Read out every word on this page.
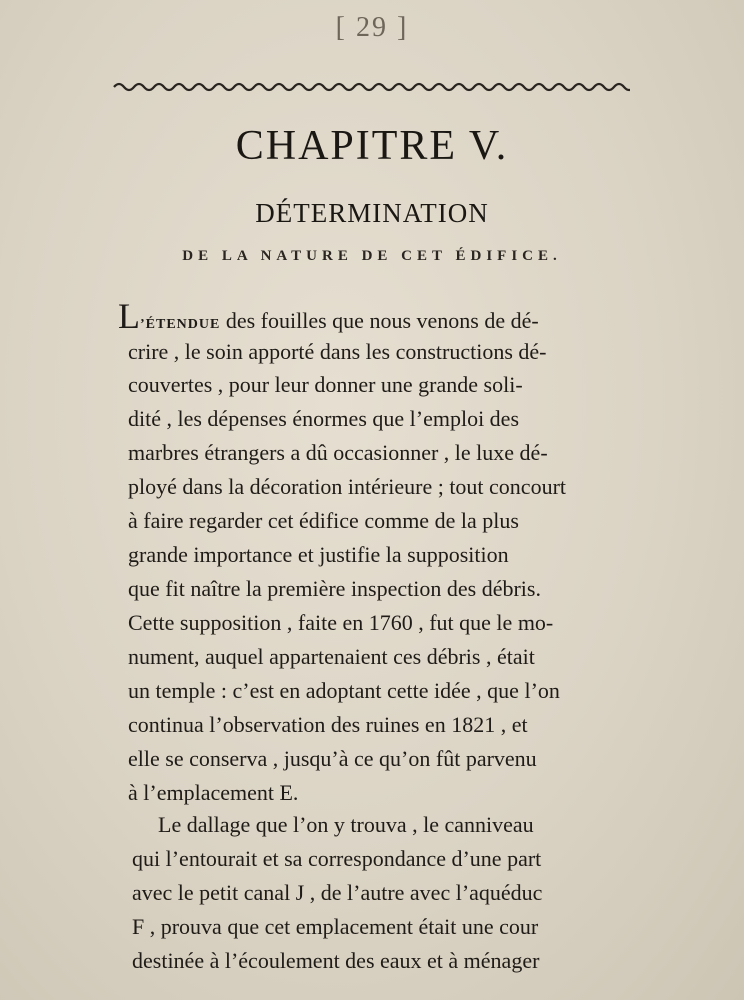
[ 29 ]
CHAPITRE V.
DÉTERMINATION
DE LA NATURE DE CET ÉDIFICE.
L’ÉTENDUE des fouilles que nous venons de dé-
crire , le soin apporté dans les constructions dé-
couvertes , pour leur donner une grande soli-
dité , les dépenses énormes que l’emploi des
marbres étrangers a dû occasionner , le luxe dé-
ployé dans la décoration intérieure ; tout concourt
à faire regarder cet édifice comme de la plus
grande importance et justifie la supposition
que fit naître la première inspection des débris.
Cette supposition , faite en 1760 , fut que le mo-
nument, auquel appartenaient ces débris , était
un temple : c’est en adoptant cette idée , que l’on
continua l’observation des ruines en 1821 , et
elle se conserva , jusqu’à ce qu’on fût parvenu
à l’emplacement E.
Le dallage que l’on y trouva , le canniveau
qui l’entourait et sa correspondance d’une part
avec le petit canal J , de l’autre avec l’aquéduc
F , prouva que cet emplacement était une cour
destinée à l’écoulement des eaux et à ménager
